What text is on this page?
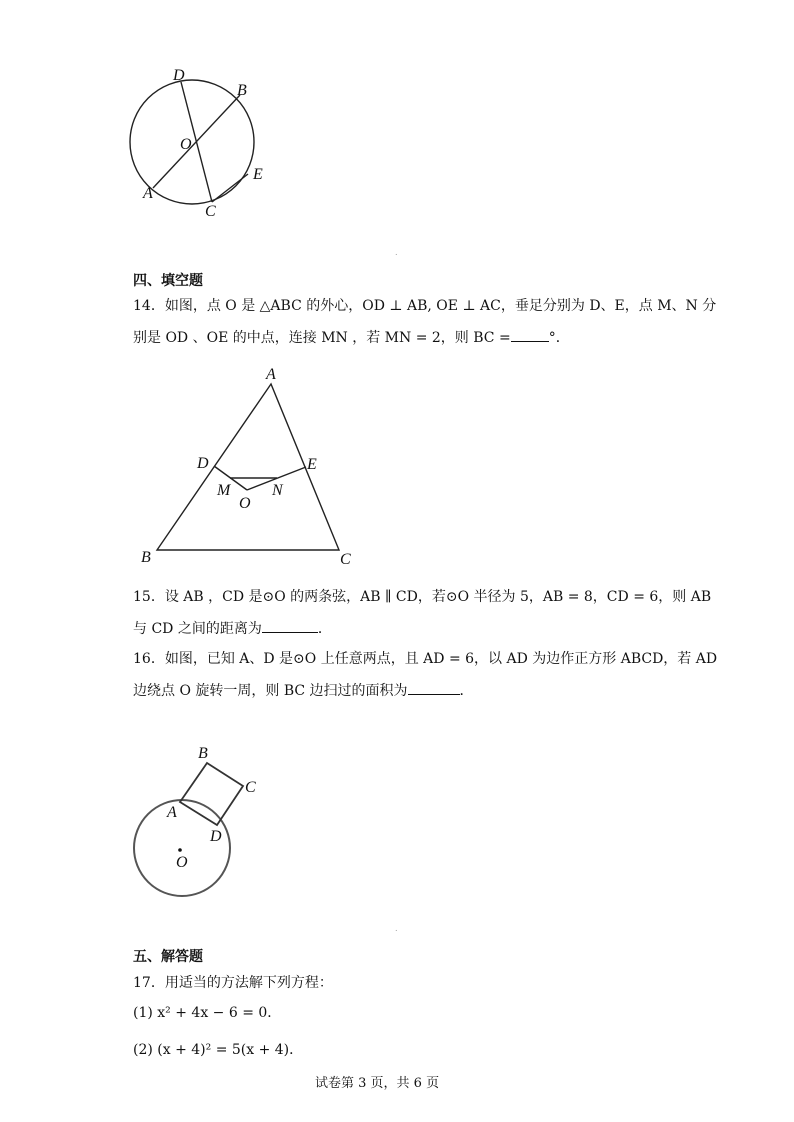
D
B
O
E
A
C
.
四、填空题
14．如图，点 O 是 △ABC 的外心，OD ⊥ AB, OE ⊥ AC，垂足分别为 D、E，点 M、N 分
别是 OD 、OE 的中点，连接 MN ，若 MN = 2，则 BC =	°．
A
B	C
D	E
M	N
O
15．设 AB ，CD 是⊙O 的两条弦，AB ∥ CD，若⊙O 半径为 5，AB = 8，CD = 6，则 AB
与 CD 之间的距离为	．
16．如图，已知 A、D 是⊙O 上任意两点，且 AD = 6，以 AD 为边作正方形 ABCD，若 AD
边绕点 O 旋转一周，则 BC 边扫过的面积为	．
B
C
A
D
O
.
五、解答题
17．用适当的方法解下列方程：
(1) x² + 4x − 6 = 0．
(2) (x + 4)² = 5(x + 4)．
试卷第 3 页，共 6 页
